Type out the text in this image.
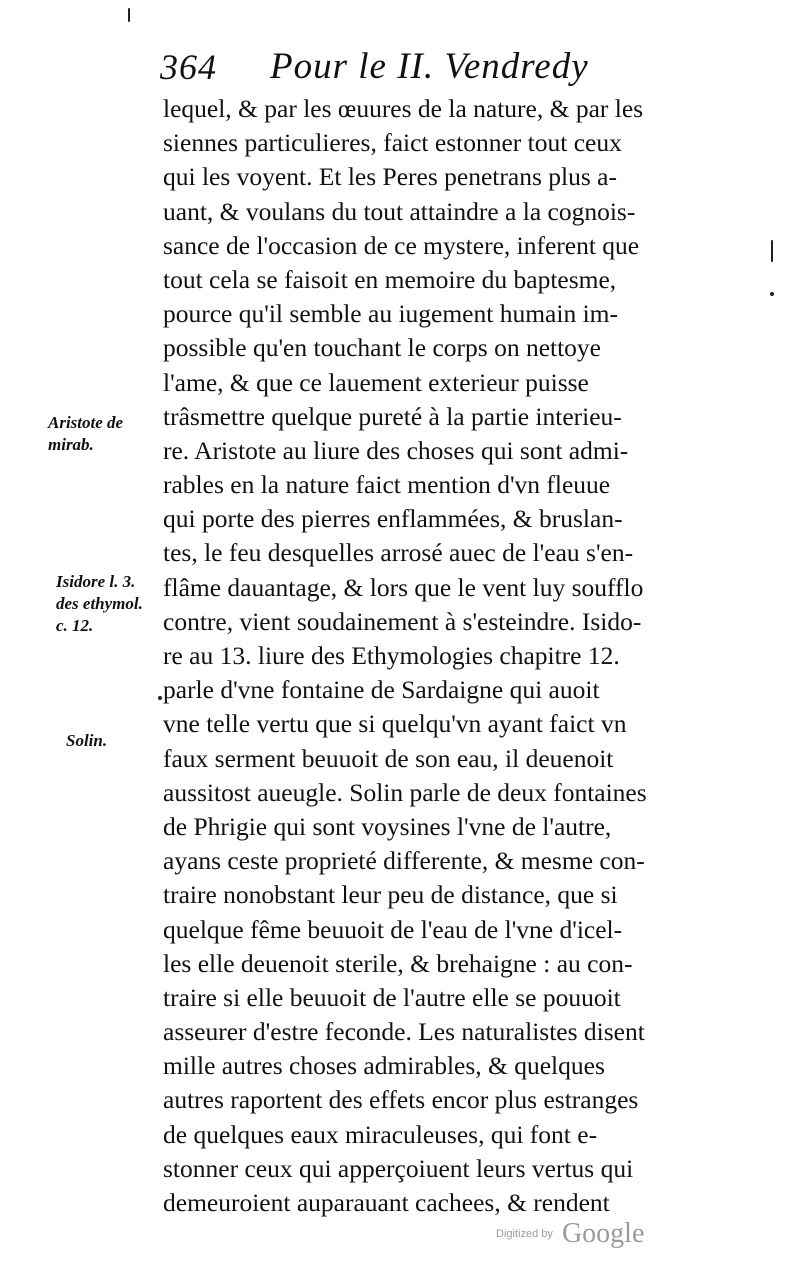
364 Pour le II. Vendredy
lequel, & par les œuures de la nature, & par les
siennes particulieres, faict estonner tout ceux
qui les voyent. Et les Peres penetrans plus a-
uant, & voulans du tout attaindre a la cognois-
sance de l'occasion de ce mystere, inferent que
tout cela se faisoit en memoire du baptesme,
pource qu'il semble au iugement humain im-
possible qu'en touchant le corps on nettoye
l'ame, & que ce lauement exterieur puisse
trâsmettre quelque pureté à la partie interieu-
re. Aristote au liure des choses qui sont admi-
rables en la nature faict mention d'vn fleuue
qui porte des pierres enflammées, & bruslan-
tes, le feu desquelles arrosé auec de l'eau s'en-
flâme dauantage, & lors que le vent luy soufflo
contre, vient soudainement à s'esteindre. Isido-
re au 13. liure des Ethymologies chapitre 12.
parle d'vne fontaine de Sardaigne qui auoit
vne telle vertu que si quelqu'vn ayant faict vn
faux serment beuuoit de son eau, il deuenoit
aussitost aueugle. Solin parle de deux fontaines
de Phrigie qui sont voysines l'vne de l'autre,
ayans ceste proprieté differente, & mesme con-
traire nonobstant leur peu de distance, que si
quelque fême beuuoit de l'eau de l'vne d'icel-
les elle deuenoit sterile, & brehaigne : au con-
traire si elle beuuoit de l'autre elle se pouuoit
asseurer d'estre feconde. Les naturalistes disent
mille autres choses admirables, & quelques
autres raportent des effets encor plus estranges
de quelques eaux miraculeuses, qui font e-
stonner ceux qui apperçoiuent leurs vertus qui
demeuroient auparauant cachees, & rendent
Aristote de
mirab.
Isidore l. 3.
des ethymol.
c. 12.
Solin.
Digitized by Google
